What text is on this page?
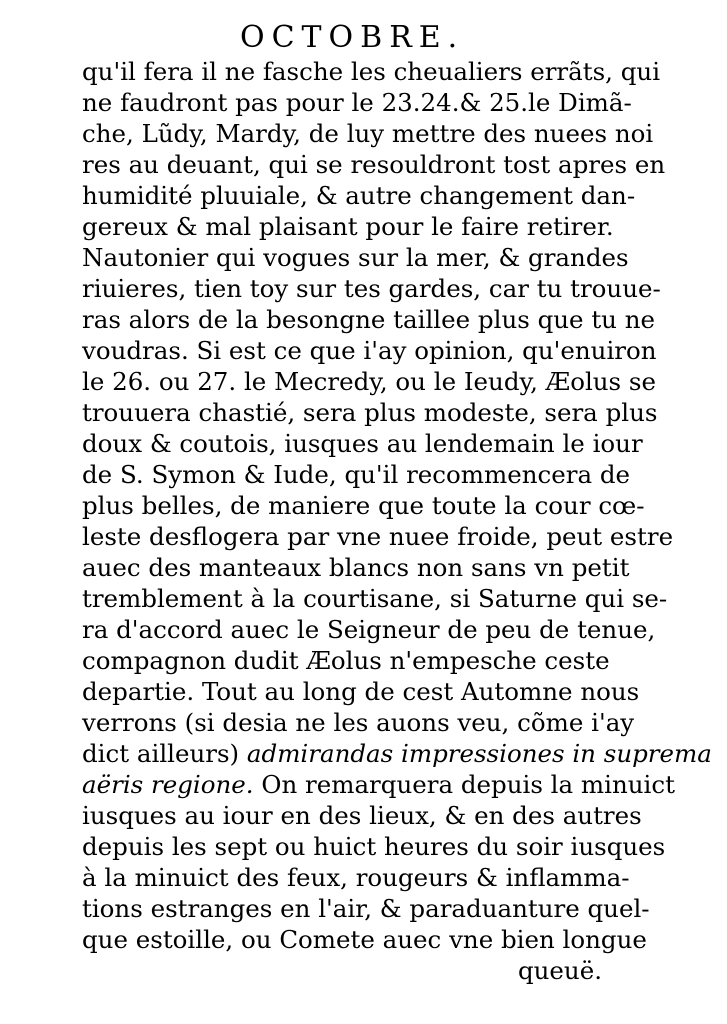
OCTOBRE.
qu'il fera il ne fasche les cheualiers errãts, qui
ne faudront pas pour le 23.24.& 25.le Dimã-
che, Lũdy, Mardy, de luy mettre des nuees noi
res au deuant, qui se resouldront tost apres en
humidité pluuiale, & autre changement dan-
gereux & mal plaisant pour le faire retirer.
Nautonier qui vogues sur la mer, & grandes
riuieres, tien toy sur tes gardes, car tu trouue-
ras alors de la besongne taillee plus que tu ne
voudras. Si est ce que i'ay opinion, qu'enuiron
le 26. ou 27. le Mecredy, ou le Ieudy, Æolus se
trouuera chastié, sera plus modeste, sera plus
doux & coutois, iusques au lendemain le iour
de S. Symon & Iude, qu'il recommencera de
plus belles, de maniere que toute la cour cœ-
leste desflogera par vne nuee froide, peut estre
auec des manteaux blancs non sans vn petit
tremblement à la courtisane, si Saturne qui se-
ra d'accord auec le Seigneur de peu de tenue,
compagnon dudit Æolus n'empesche ceste
departie. Tout au long de cest Automne nous
verrons (si desia ne les auons veu, cõme i'ay
dict ailleurs) admirandas impressiones in suprema
aëris regione. On remarquera depuis la minuict
iusques au iour en des lieux, & en des autres
depuis les sept ou huict heures du soir iusques
à la minuict des feux, rougeurs & inflamma-
tions estranges en l'air, & paraduanture quel-
que estoille, ou Comete auec vne bien longue
queuë.
